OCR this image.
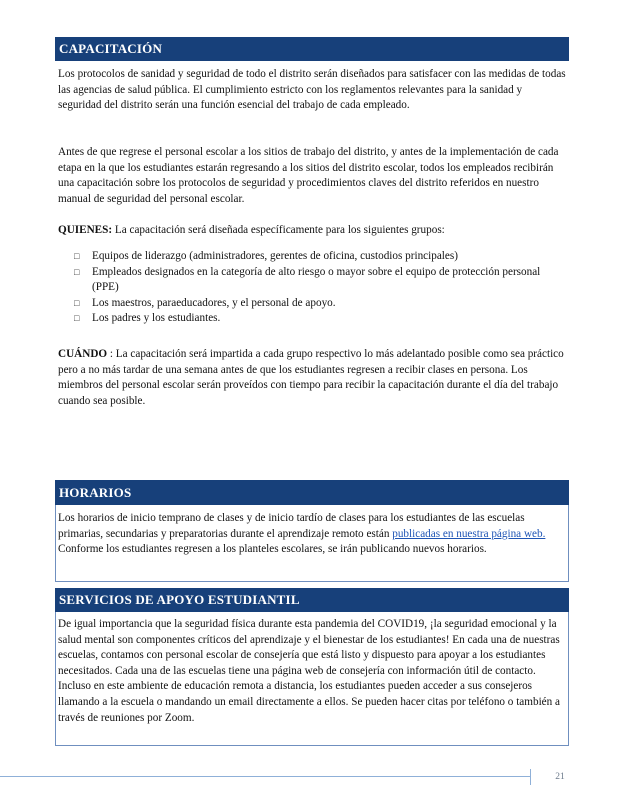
CAPACITACIÓN

Los protocolos de sanidad y seguridad de todo el distrito serán diseñados para satisfacer con las medidas de todas las agencias de salud pública. El cumplimiento estricto con los reglamentos relevantes para la sanidad y seguridad del distrito serán una función esencial del trabajo de cada empleado.

Antes de que regrese el personal escolar a los sitios de trabajo del distrito, y antes de la implementación de cada etapa en la que los estudiantes estarán regresando a los sitios del distrito escolar, todos los empleados recibirán una capacitación sobre los protocolos de seguridad y procedimientos claves del distrito referidos en nuestro manual de seguridad del personal escolar.

QUIENES: La capacitación será diseñada específicamente para los siguientes grupos:

□ Equipos de liderazgo (administradores, gerentes de oficina, custodios principales)
□ Empleados designados en la categoría de alto riesgo o mayor sobre el equipo de protección personal (PPE)
□ Los maestros, paraeducadores, y el personal de apoyo.
□ Los padres y los estudiantes.

CUÁNDO : La capacitación será impartida a cada grupo respectivo lo más adelantado posible como sea práctico pero a no más tardar de una semana antes de que los estudiantes regresen a recibir clases en persona. Los miembros del personal escolar serán proveídos con tiempo para recibir la capacitación durante el día del trabajo cuando sea posible.

HORARIOS

Los horarios de inicio temprano de clases y de inicio tardío de clases para los estudiantes de las escuelas primarias, secundarias y preparatorias durante el aprendizaje remoto están publicadas en nuestra página web. Conforme los estudiantes regresen a los planteles escolares, se irán publicando nuevos horarios.

SERVICIOS DE APOYO ESTUDIANTIL

De igual importancia que la seguridad física durante esta pandemia del COVID19, ¡la seguridad emocional y la salud mental son componentes críticos del aprendizaje y el bienestar de los estudiantes! En cada una de nuestras escuelas, contamos con personal escolar de consejería que está listo y dispuesto para apoyar a los estudiantes necesitados. Cada una de las escuelas tiene una página web de consejería con información útil de contacto. Incluso en este ambiente de educación remota a distancia, los estudiantes pueden acceder a sus consejeros llamando a la escuela o mandando un email directamente a ellos. Se pueden hacer citas por teléfono o también a través de reuniones por Zoom.

21
